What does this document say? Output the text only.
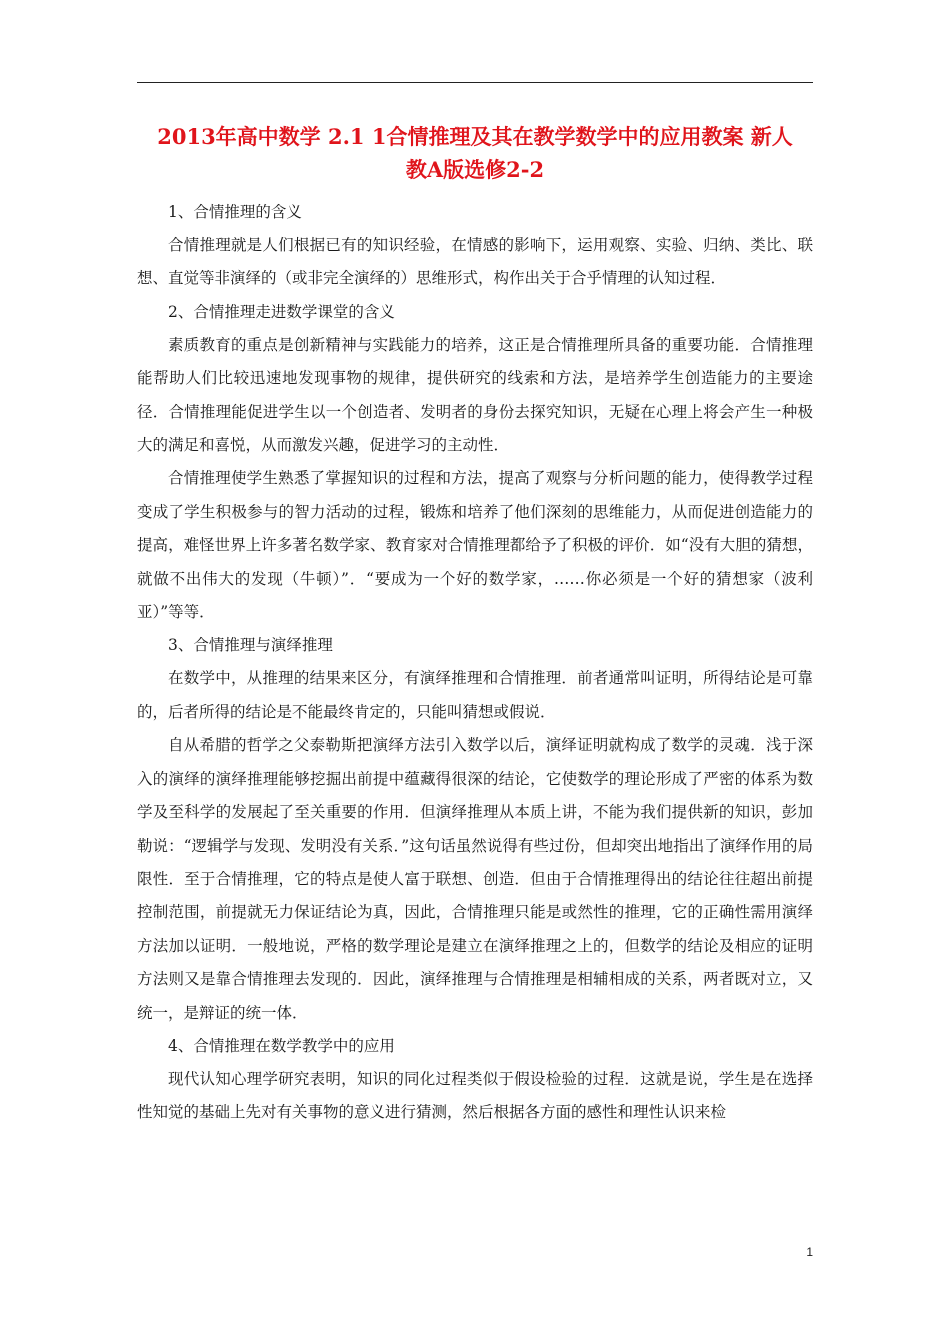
2013年高中数学 2.1 1合情推理及其在教学数学中的应用教案 新人
教A版选修2-2

1、合情推理的含义

合情推理就是人们根据已有的知识经验，在情感的影响下，运用观察、实验、归纳、类比、联想、直觉等非演绎的（或非完全演绎的）思维形式，构作出关于合乎情理的认知过程．

2、合情推理走进数学课堂的含义

素质教育的重点是创新精神与实践能力的培养，这正是合情推理所具备的重要功能．合情推理能帮助人们比较迅速地发现事物的规律，提供研究的线索和方法，是培养学生创造能力的主要途径．合情推理能促进学生以一个创造者、发明者的身份去探究知识，无疑在心理上将会产生一种极大的满足和喜悦，从而激发兴趣，促进学习的主动性．

合情推理使学生熟悉了掌握知识的过程和方法，提高了观察与分析问题的能力，使得教学过程变成了学生积极参与的智力活动的过程，锻炼和培养了他们深刻的思维能力，从而促进创造能力的提高，难怪世界上许多著名数学家、教育家对合情推理都给予了积极的评价．如“没有大胆的猜想，就做不出伟大的发现（牛顿）”．“要成为一个好的数学家，……你必须是一个好的猜想家（波利亚）”等等．

3、合情推理与演绎推理

在数学中，从推理的结果来区分，有演绎推理和合情推理．前者通常叫证明，所得结论是可靠的，后者所得的结论是不能最终肯定的，只能叫猜想或假说．

自从希腊的哲学之父泰勒斯把演绎方法引入数学以后，演绎证明就构成了数学的灵魂．浅于深入的演绎的演绎推理能够挖掘出前提中蕴藏得很深的结论，它使数学的理论形成了严密的体系为数学及至科学的发展起了至关重要的作用．但演绎推理从本质上讲，不能为我们提供新的知识，彭加勒说：“逻辑学与发现、发明没有关系．”这句话虽然说得有些过份，但却突出地指出了演绎作用的局限性．至于合情推理，它的特点是使人富于联想、创造．但由于合情推理得出的结论往往超出前提控制范围，前提就无力保证结论为真，因此，合情推理只能是或然性的推理，它的正确性需用演绎方法加以证明．一般地说，严格的数学理论是建立在演绎推理之上的，但数学的结论及相应的证明方法则又是靠合情推理去发现的．因此，演绎推理与合情推理是相辅相成的关系，两者既对立，又统一，是辩证的统一体．

4、合情推理在数学教学中的应用

现代认知心理学研究表明，知识的同化过程类似于假设检验的过程．这就是说，学生是在选择性知觉的基础上先对有关事物的意义进行猜测，然后根据各方面的感性和理性认识来检

1
